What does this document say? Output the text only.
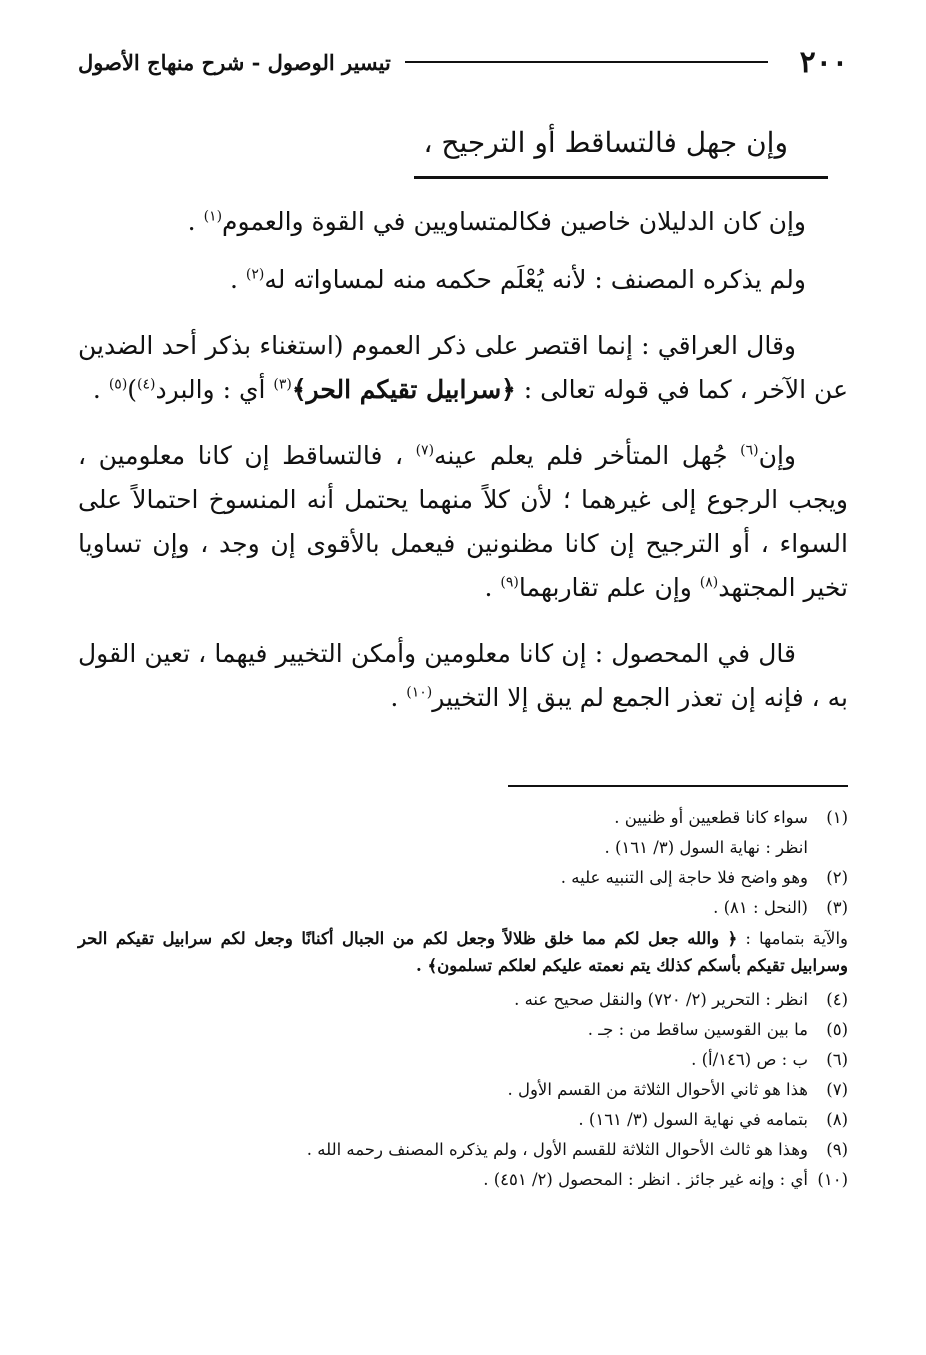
٢٠٠
تيسير الوصول - شرح منهاج الأصول
وإن جهل فالتساقط أو الترجيح ،

وإن كان الدليلان خاصين فكالمتساويين في القوة والعموم$^{(١)}$ .

ولم يذكره المصنف : لأنه يُعْلَم حكمه منه لمساواته له$^{(٢)}$ .

وقال العراقي : إنما اقتصر على ذكر العموم (استغناء بذكر أحد الضدين عن الآخر ، كما في قوله تعالى : ﴿سرابيل تقيكم الحر﴾$^{(٣)}$ أي : والبرد$^{(٤)}$)$^{(٥)}$ .

وإن$^{(٦)}$ جُهل المتأخر فلم يعلم عينه$^{(٧)}$ ، فالتساقط إن كانا معلومين ، ويجب الرجوع إلى غيرهما ؛ لأن كلاً منهما يحتمل أنه المنسوخ احتمالاً على السواء ، أو الترجيح إن كانا مظنونين فيعمل بالأقوى إن وجد ، وإن تساويا تخير المجتهد$^{(٨)}$ وإن علم تقاربهما$^{(٩)}$ .

قال في المحصول : إن كانا معلومين وأمكن التخيير فيهما ، تعين القول به ، فإنه إن تعذر الجمع لم يبق إلا التخيير$^{(١٠)}$ .

(١)
سواء كانا قطعيين أو ظنيين .
انظر : نهاية السول (٣/ ١٦١) .
(٢)
وهو واضح فلا حاجة إلى التنبيه عليه .
(٣)
(النحل : ٨١) .
والآية بتمامها : ﴿ والله جعل لكم مما خلق ظلالاً وجعل لكم من الجبال أكنانًا وجعل لكم سرابيل تقيكم الحر وسرابيل تقيكم بأسكم كذلك يتم نعمته عليكم لعلكم تسلمون﴾ .
(٤)
انظر : التحرير (٢/ ٧٢٠) والنقل صحيح عنه .
(٥)
ما بين القوسين ساقط من : جـ .
(٦)
ب : ص (١٤٦/أ) .
(٧)
هذا هو ثاني الأحوال الثلاثة من القسم الأول .
(٨)
بتمامه في نهاية السول (٣/ ١٦١) .
(٩)
وهذا هو ثالث الأحوال الثلاثة للقسم الأول ، ولم يذكره المصنف رحمه الله .
(١٠)
أي : وإنه غير جائز . انظر : المحصول (٢/ ٤٥١) .
